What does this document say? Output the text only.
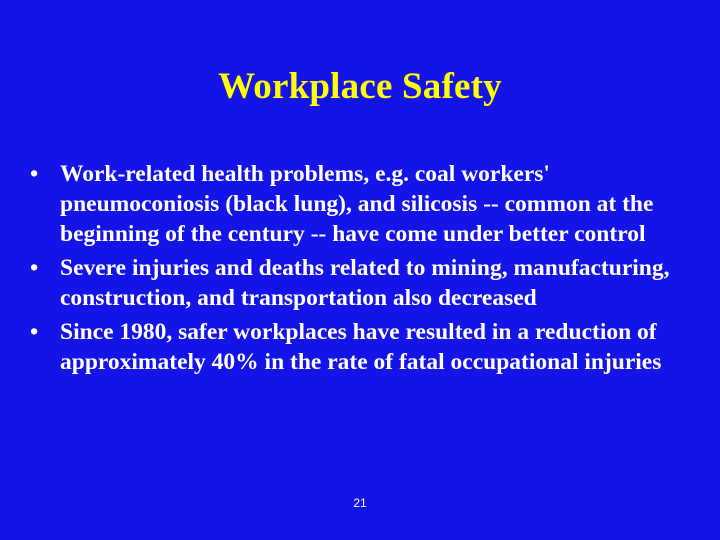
Workplace Safety
• Work-related health problems, e.g. coal workers' pneumoconiosis (black lung), and silicosis -- common at the beginning of the century -- have come under better control
• Severe injuries and deaths related to mining, manufacturing, construction, and transportation also decreased
• Since 1980, safer workplaces have resulted in a reduction of approximately 40% in the rate of fatal occupational injuries
21
